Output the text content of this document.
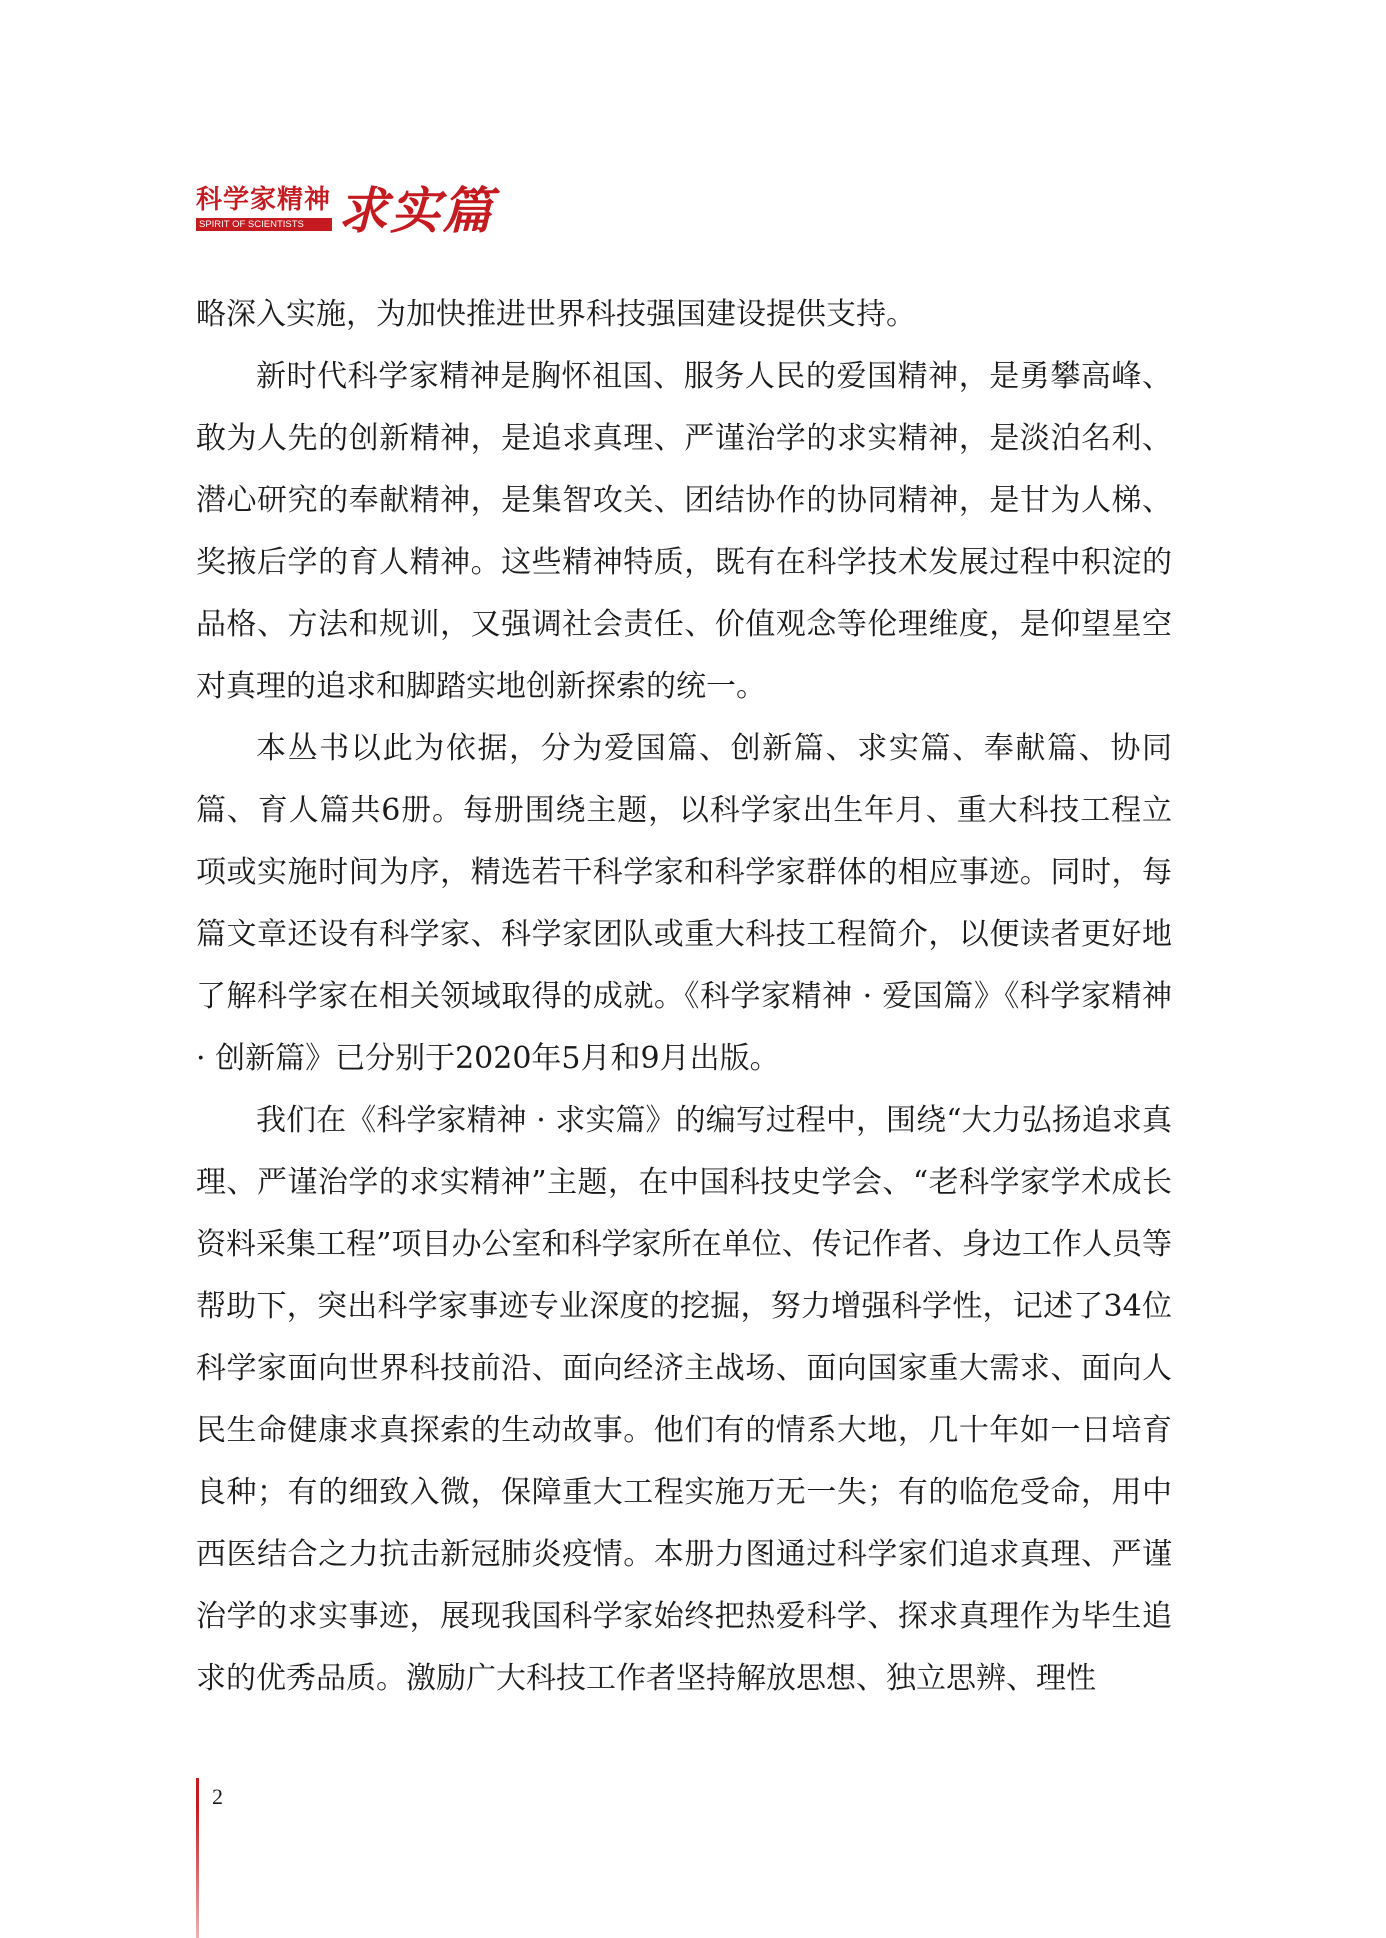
科学家精神
SPIRIT OF SCIENTISTS 求实篇

略深入实施，为加快推进世界科技强国建设提供支持。

新时代科学家精神是胸怀祖国、服务人民的爱国精神，是勇攀高峰、敢为人先的创新精神，是追求真理、严谨治学的求实精神，是淡泊名利、潜心研究的奉献精神，是集智攻关、团结协作的协同精神，是甘为人梯、奖掖后学的育人精神。这些精神特质，既有在科学技术发展过程中积淀的品格、方法和规训，又强调社会责任、价值观念等伦理维度，是仰望星空对真理的追求和脚踏实地创新探索的统一。

本丛书以此为依据，分为爱国篇、创新篇、求实篇、奉献篇、协同篇、育人篇共6册。每册围绕主题，以科学家出生年月、重大科技工程立项或实施时间为序，精选若干科学家和科学家群体的相应事迹。同时，每篇文章还设有科学家、科学家团队或重大科技工程简介，以便读者更好地了解科学家在相关领域取得的成就。《科学家精神 · 爱国篇》《科学家精神 · 创新篇》已分别于2020年5月和9月出版。

我们在《科学家精神 · 求实篇》的编写过程中，围绕“大力弘扬追求真理、严谨治学的求实精神”主题，在中国科技史学会、“老科学家学术成长资料采集工程”项目办公室和科学家所在单位、传记作者、身边工作人员等帮助下，突出科学家事迹专业深度的挖掘，努力增强科学性，记述了34位科学家面向世界科技前沿、面向经济主战场、面向国家重大需求、面向人民生命健康求真探索的生动故事。他们有的情系大地，几十年如一日培育良种；有的细致入微，保障重大工程实施万无一失；有的临危受命，用中西医结合之力抗击新冠肺炎疫情。本册力图通过科学家们追求真理、严谨治学的求实事迹，展现我国科学家始终把热爱科学、探求真理作为毕生追求的优秀品质。激励广大科技工作者坚持解放思想、独立思辨、理性

2
